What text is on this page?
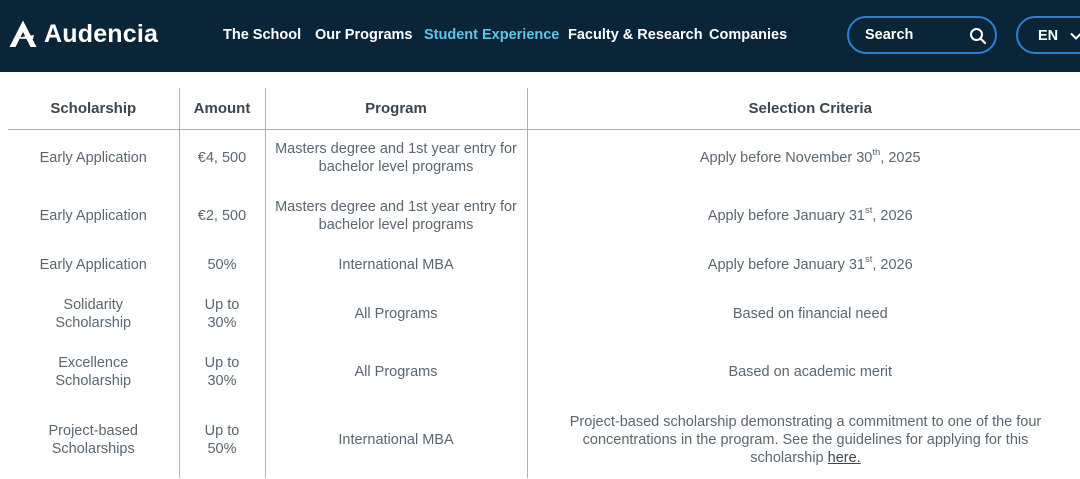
Audencia	The School Our Programs Student Experience Faculty & Research Companies
Search	EN
Scholarship	Amount	Program	Selection Criteria
Early Application	€4, 500	Masters degree and 1st year entry for bachelor level programs	Apply before November 30th, 2025
Early Application	€2, 500	Masters degree and 1st year entry for bachelor level programs	Apply before January 31st, 2026
Early Application	50%	International MBA	Apply before January 31st, 2026

Solidarity Scholarship	Up to 30%	All Programs	Based on financial need

Excellence Scholarship	Up to 30%	All Programs	Based on academic merit

Project-based Scholarships	Up to 50%	International MBA	Project-based scholarship demonstrating a commitment to one of the four concentrations in the program. See the guidelines for applying for this scholarship here.
